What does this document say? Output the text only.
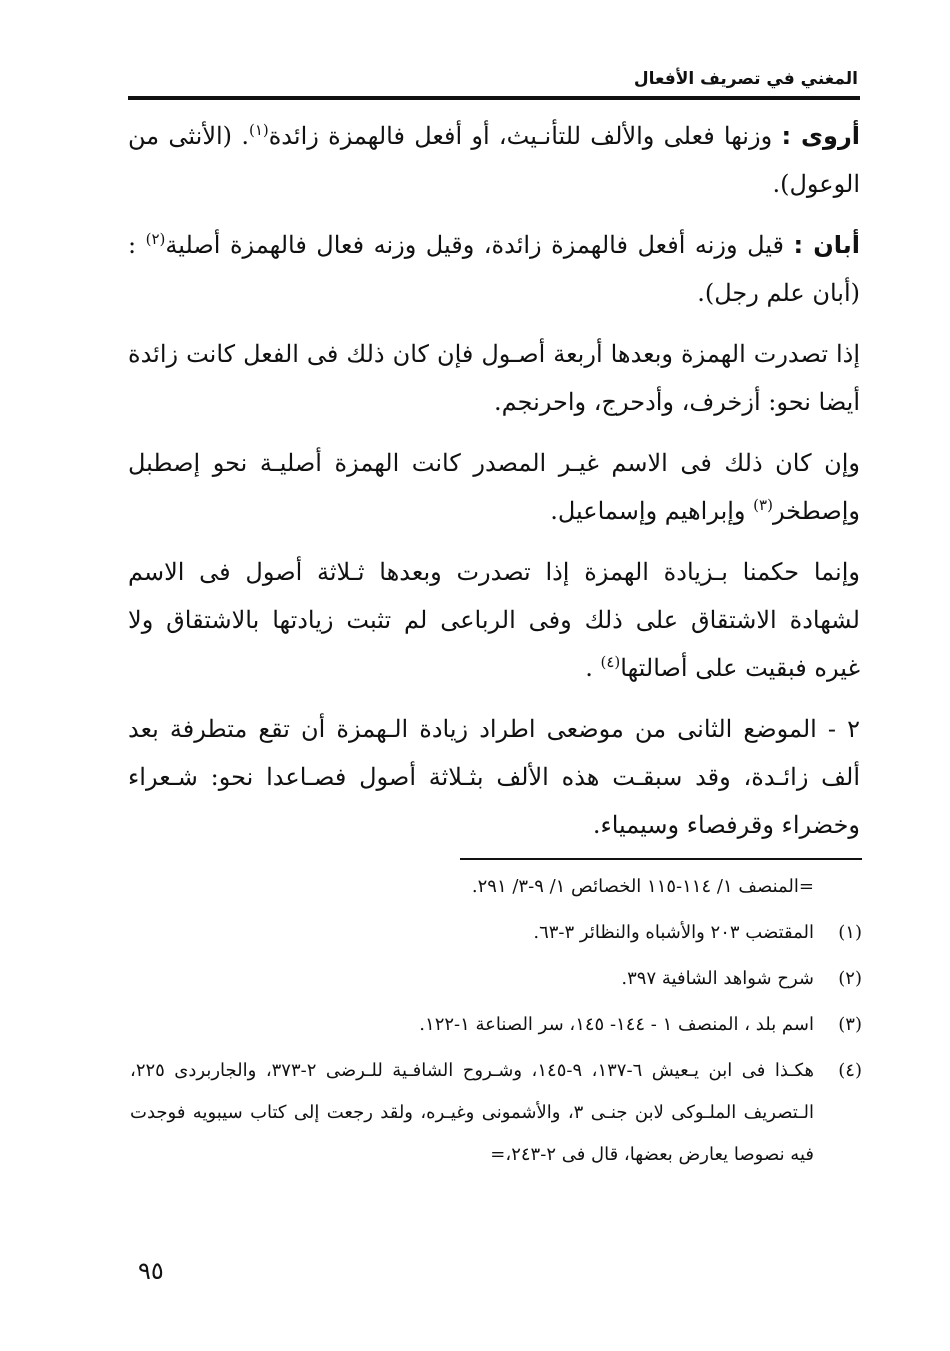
المغني في تصريف الأفعال

أروى : وزنها فعلى والألف للتأنـيث، أو أفعل فالهمزة زائدة$^{(١)}$. (الأنثى من الوعول).

أبان : قيل وزنه أفعل فالهمزة زائدة، وقيل وزنه فعال فالهمزة أصلية$^{(٢)}$ : (أبان علم رجل).

إذا تصدرت الهمزة وبعدها أربعة أصـول فإن كان ذلك فى الفعل كانت زائدة أيضا نحو: أزخرف، وأدحرج، واحرنجم.

وإن كان ذلك فى الاسم غيـر المصدر كانت الهمزة أصليـة نحو إصطبل وإصطخر$^{(٣)}$ وإبراهيم وإسماعيل.

وإنما حكمنا بـزيادة الهمزة إذا تصدرت وبعدها ثـلاثة أصول فى الاسم لشهادة الاشتقاق على ذلك وفى الرباعى لم تثبت زيادتها بالاشتقاق ولا غيره فبقيت على أصالتها$^{(٤)}$ .

٢ - الموضع الثانى من موضعى اطراد زيادة الـهمزة أن تقع متطرفة بعد ألف زائـدة، وقد سبقـت هذه الألف بثـلاثة أصول فصـاعدا نحو: شـعراء وخضراء وقرفصاء وسيمياء.

=المنصف ١/ ١١٤-١١٥ الخصائص ١/ ٩-٣/ ٢٩١.
(١)
المقتضب ٢٠٣ والأشباه والنظائر ٣-٦٣.
(٢)
شرح شواهد الشافية ٣٩٧.
(٣)
اسم بلد ، المنصف ١ - ١٤٤- ١٤٥، سر الصناعة ١-١٢٢.
(٤)
هكـذا فى ابن يـعيش ٦-١٣٧، ٩-١٤٥، وشـروح الشافـية للـرضى ٢-٣٧٣، والجاربردى ٢٢٥، الـتصريف الملـوكى لابن جنـى ٣، والأشمونى وغيـره، ولقد رجعت إلى كتاب سيبويه فوجدت فيه نصوصا يعارض بعضها، قال فى ٢-٢٤٣،=
٩٥
